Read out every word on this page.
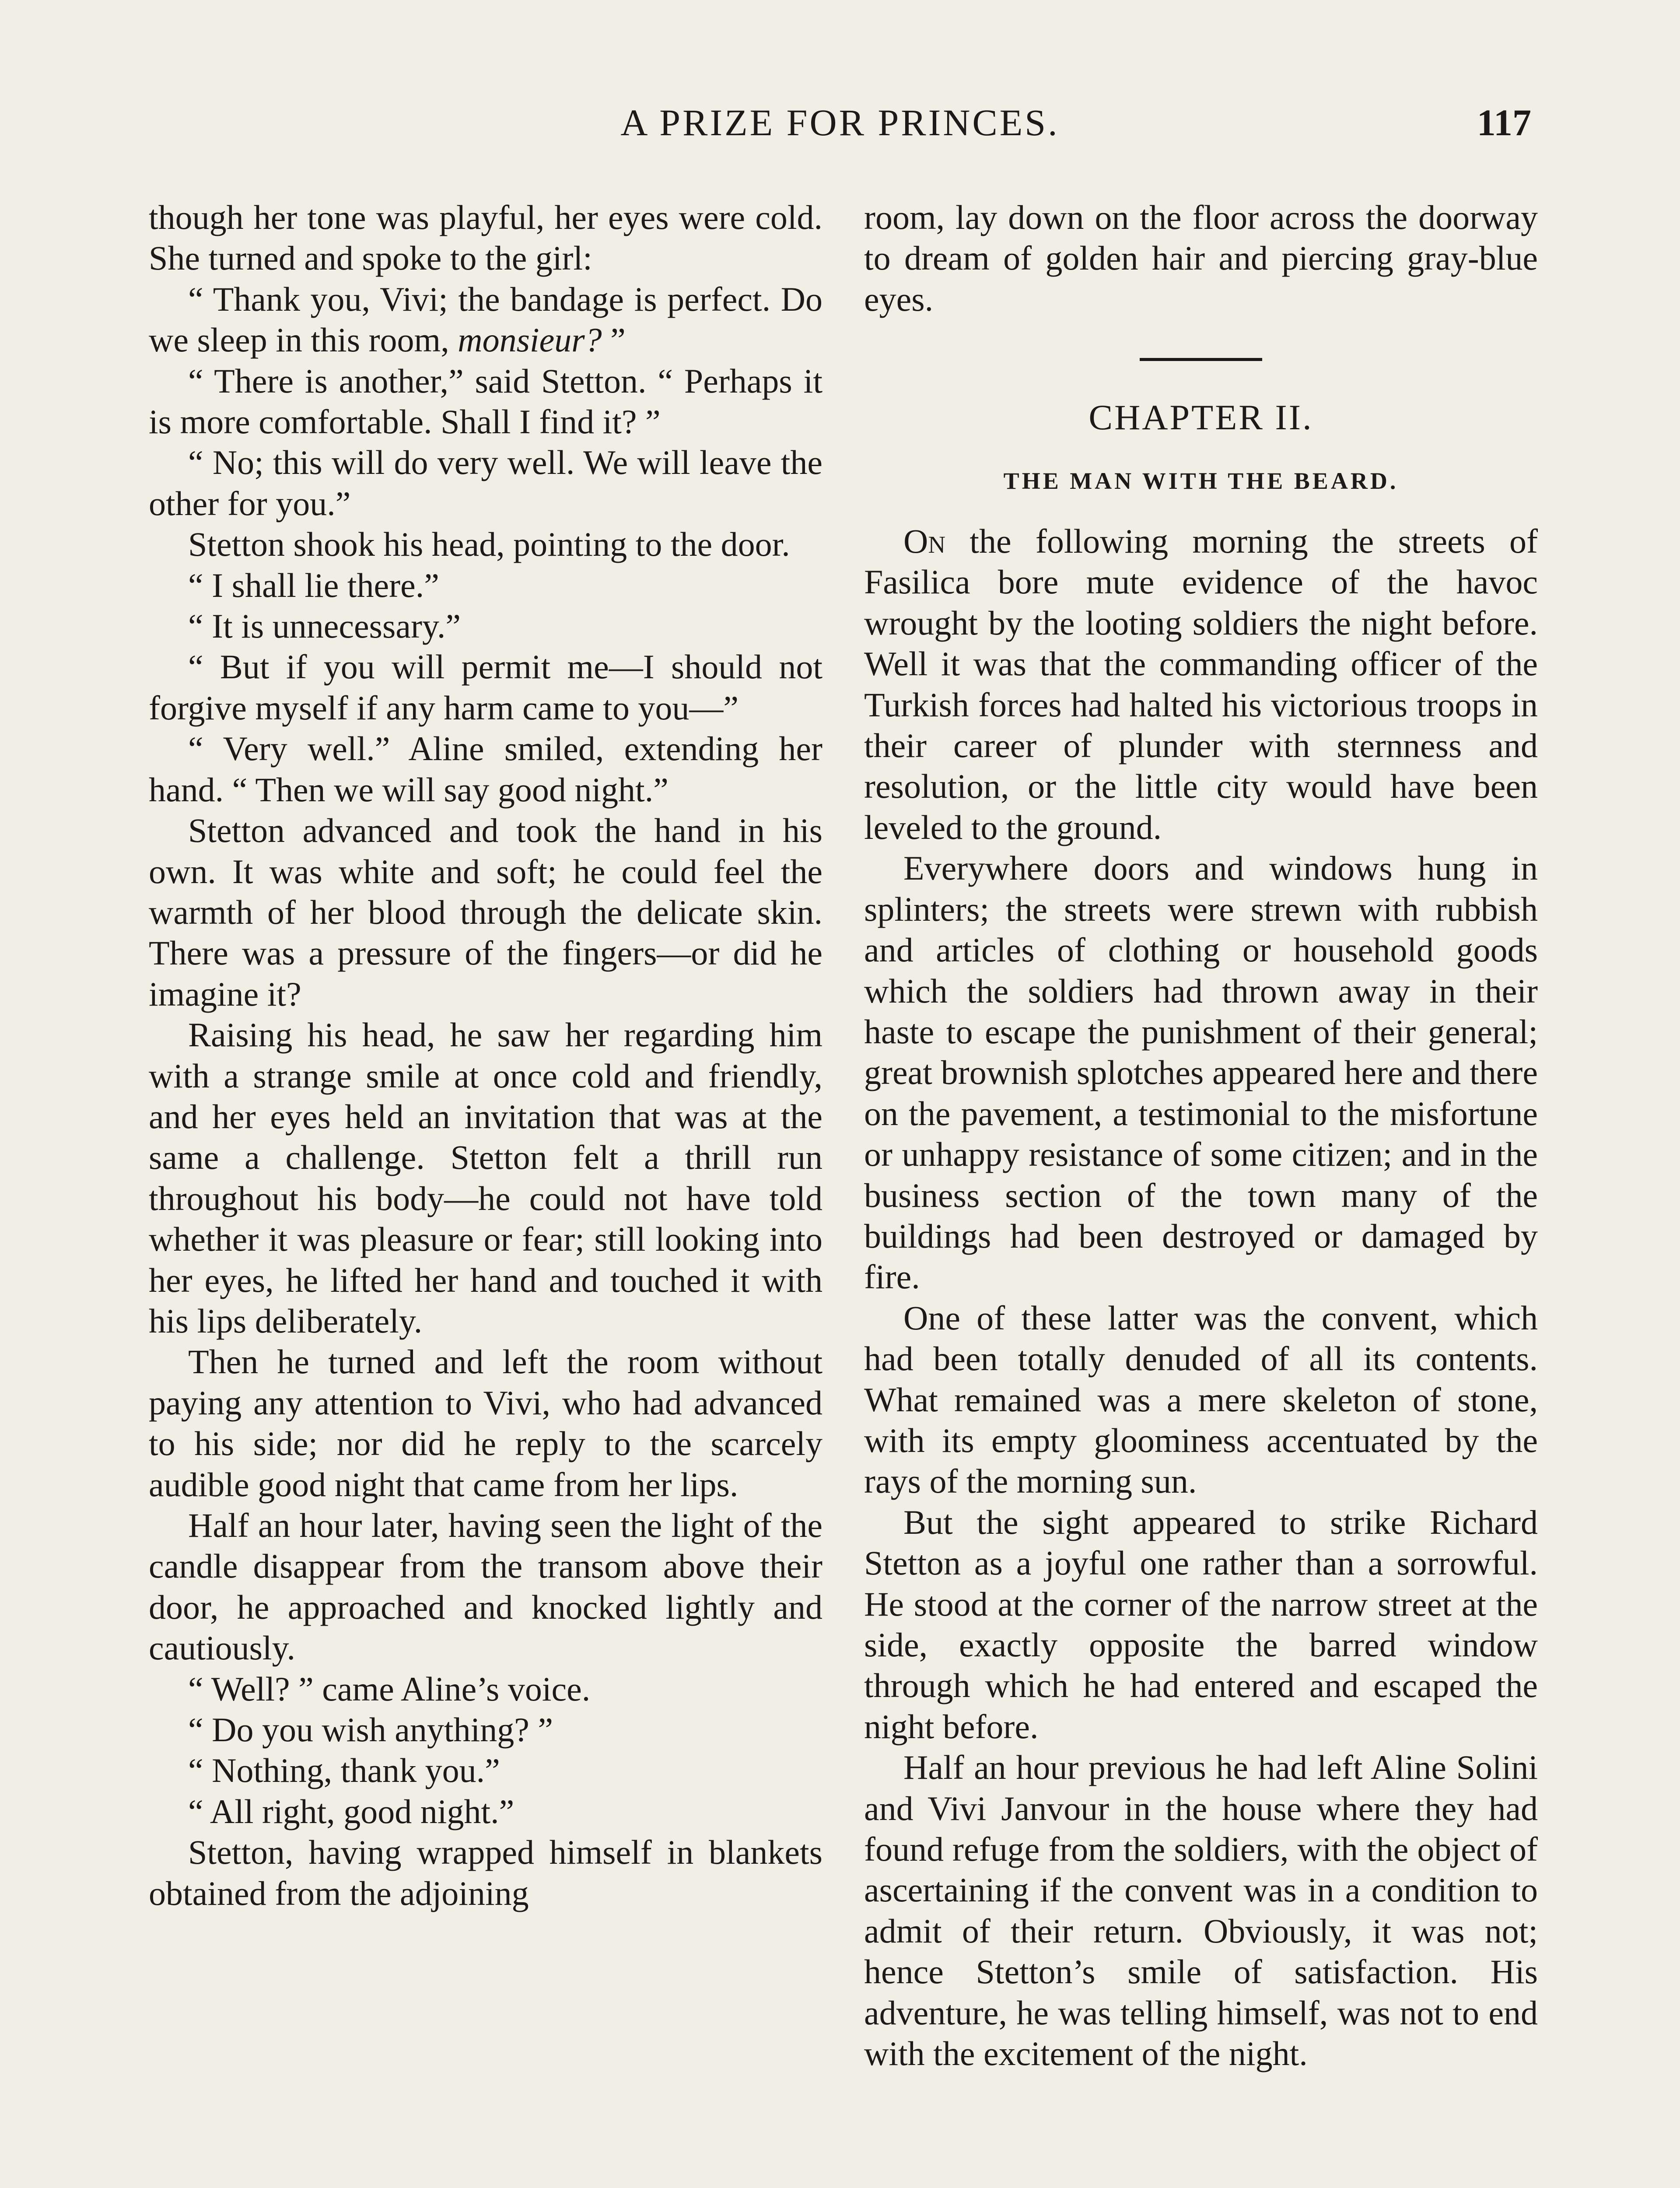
A PRIZE FOR PRINCES.	117

though her tone was playful, her eyes were cold. She turned and spoke to the girl:

“ Thank you, Vivi; the bandage is perfect. Do we sleep in this room, monsieur? ”

“ There is another,” said Stetton. “ Perhaps it is more comfortable. Shall I find it? ”

“ No; this will do very well. We will leave the other for you.”

Stetton shook his head, pointing to the door.

“ I shall lie there.”

“ It is unnecessary.”

“ But if you will permit me—I should not forgive myself if any harm came to you—”

“ Very well.” Aline smiled, extending her hand. “ Then we will say good night.”

Stetton advanced and took the hand in his own. It was white and soft; he could feel the warmth of her blood through the delicate skin. There was a pressure of the fingers—or did he imagine it?

Raising his head, he saw her regarding him with a strange smile at once cold and friendly, and her eyes held an invitation that was at the same a challenge. Stetton felt a thrill run throughout his body—he could not have told whether it was pleasure or fear; still looking into her eyes, he lifted her hand and touched it with his lips deliberately.

Then he turned and left the room without paying any attention to Vivi, who had advanced to his side; nor did he reply to the scarcely audible good night that came from her lips.

Half an hour later, having seen the light of the candle disappear from the transom above their door, he approached and knocked lightly and cautiously.

“ Well? ” came Aline’s voice.

“ Do you wish anything? ”

“ Nothing, thank you.”

“ All right, good night.”

Stetton, having wrapped himself in blankets obtained from the adjoining

room, lay down on the floor across the doorway to dream of golden hair and piercing gray-blue eyes.

CHAPTER II.
THE MAN WITH THE BEARD.

On the following morning the streets of Fasilica bore mute evidence of the havoc wrought by the looting soldiers the night before. Well it was that the commanding officer of the Turkish forces had halted his victorious troops in their career of plunder with sternness and resolution, or the little city would have been leveled to the ground.

Everywhere doors and windows hung in splinters; the streets were strewn with rubbish and articles of clothing or household goods which the soldiers had thrown away in their haste to escape the punishment of their general; great brownish splotches appeared here and there on the pavement, a testimonial to the misfortune or unhappy resistance of some citizen; and in the business section of the town many of the buildings had been destroyed or damaged by fire.

One of these latter was the convent, which had been totally denuded of all its contents. What remained was a mere skeleton of stone, with its empty gloominess accentuated by the rays of the morning sun.

But the sight appeared to strike Richard Stetton as a joyful one rather than a sorrowful. He stood at the corner of the narrow street at the side, exactly opposite the barred window through which he had entered and escaped the night before.

Half an hour previous he had left Aline Solini and Vivi Janvour in the house where they had found refuge from the soldiers, with the object of ascertaining if the convent was in a condition to admit of their return. Obviously, it was not; hence Stetton’s smile of satisfaction. His adventure, he was telling himself, was not to end with the excitement of the night.
